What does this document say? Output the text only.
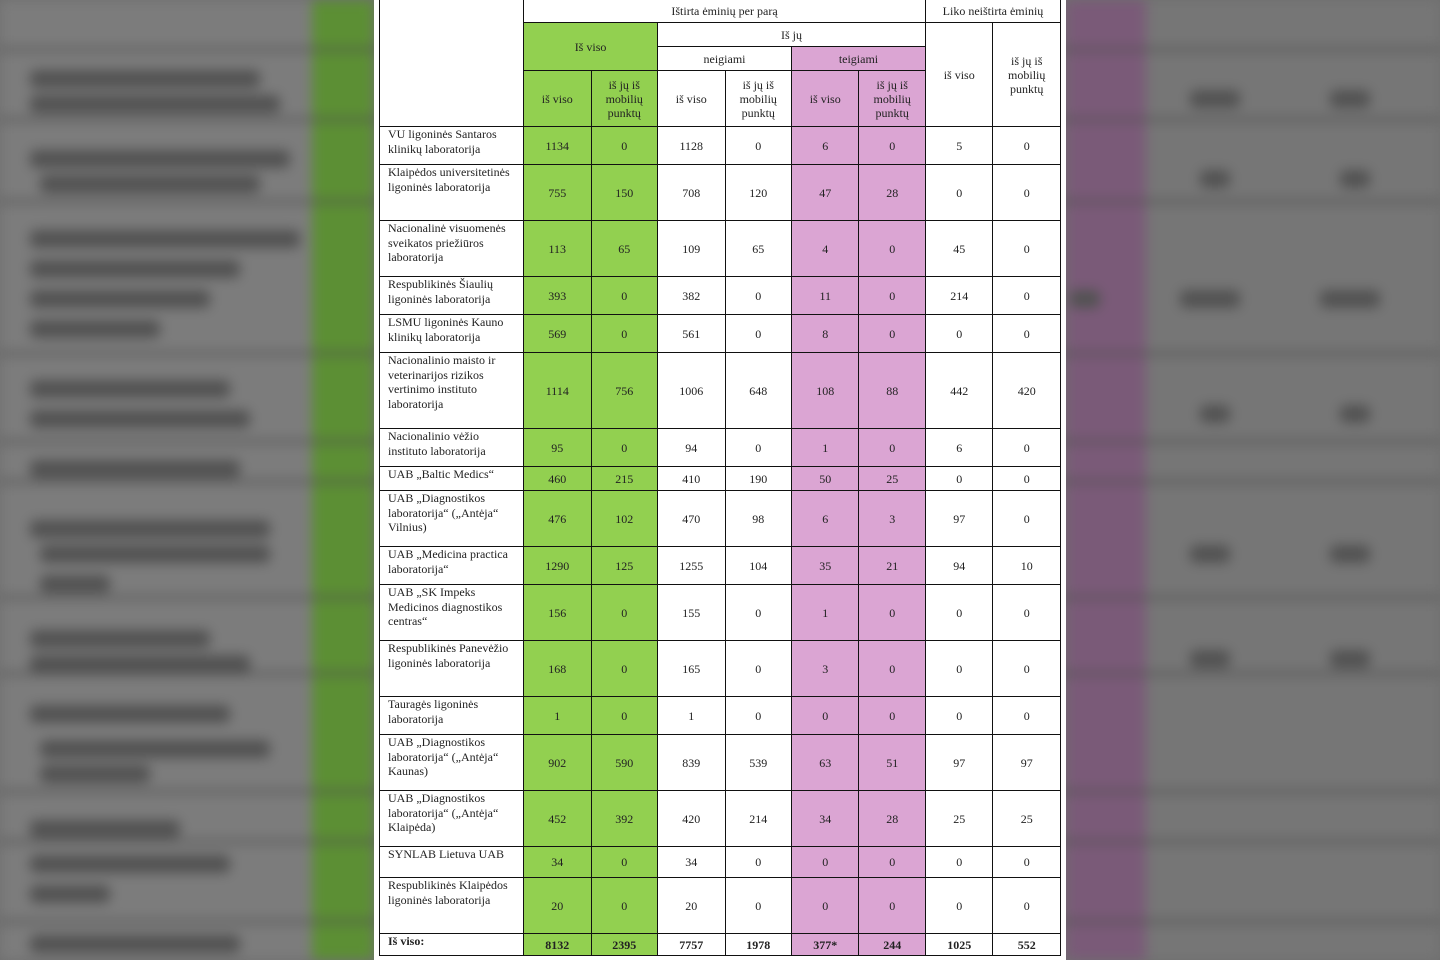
	Ištirta ėminių per parą						Liko neištirta ėminių	
	Iš viso		Iš jų				iš viso	iš jų iš mobilių punktų
			neigiami		teigiami			
	iš viso	iš jų iš mobilių punktų	iš viso	iš jų iš mobilių punktų	iš viso	iš jų iš mobilių punktų		
VU ligoninės Santaros klinikų laboratorija	1134	0	1128	0	6	0	5	0
Klaipėdos universitetinės ligoninės laboratorija	755	150	708	120	47	28	0	0
Nacionalinė visuomenės sveikatos priežiūros laboratorija	113	65	109	65	4	0	45	0
Respublikinės Šiaulių ligoninės laboratorija	393	0	382	0	11	0	214	0
LSMU ligoninės Kauno klinikų laboratorija	569	0	561	0	8	0	0	0
Nacionalinio maisto ir veterinarijos rizikos vertinimo instituto laboratorija	1114	756	1006	648	108	88	442	420
Nacionalinio vėžio instituto laboratorija	95	0	94	0	1	0	6	0
UAB „Baltic Medics“	460	215	410	190	50	25	0	0
UAB „Diagnostikos laboratorija“ („Antėja“ Vilnius)	476	102	470	98	6	3	97	0
UAB „Medicina practica laboratorija“	1290	125	1255	104	35	21	94	10
UAB „SK Impeks Medicinos diagnostikos centras“	156	0	155	0	1	0	0	0
Respublikinės Panevėžio ligoninės laboratorija	168	0	165	0	3	0	0	0
Tauragės ligoninės laboratorija	1	0	1	0	0	0	0	0
UAB „Diagnostikos laboratorija“ („Antėja“ Kaunas)	902	590	839	539	63	51	97	97
UAB „Diagnostikos laboratorija“ („Antėja“ Klaipėda)	452	392	420	214	34	28	25	25
SYNLAB Lietuva UAB	34	0	34	0	0	0	0	0
Respublikinės Klaipėdos ligoninės laboratorija	20	0	20	0	0	0	0	0
Iš viso:	8132	2395	7757	1978	377*	244	1025	552
